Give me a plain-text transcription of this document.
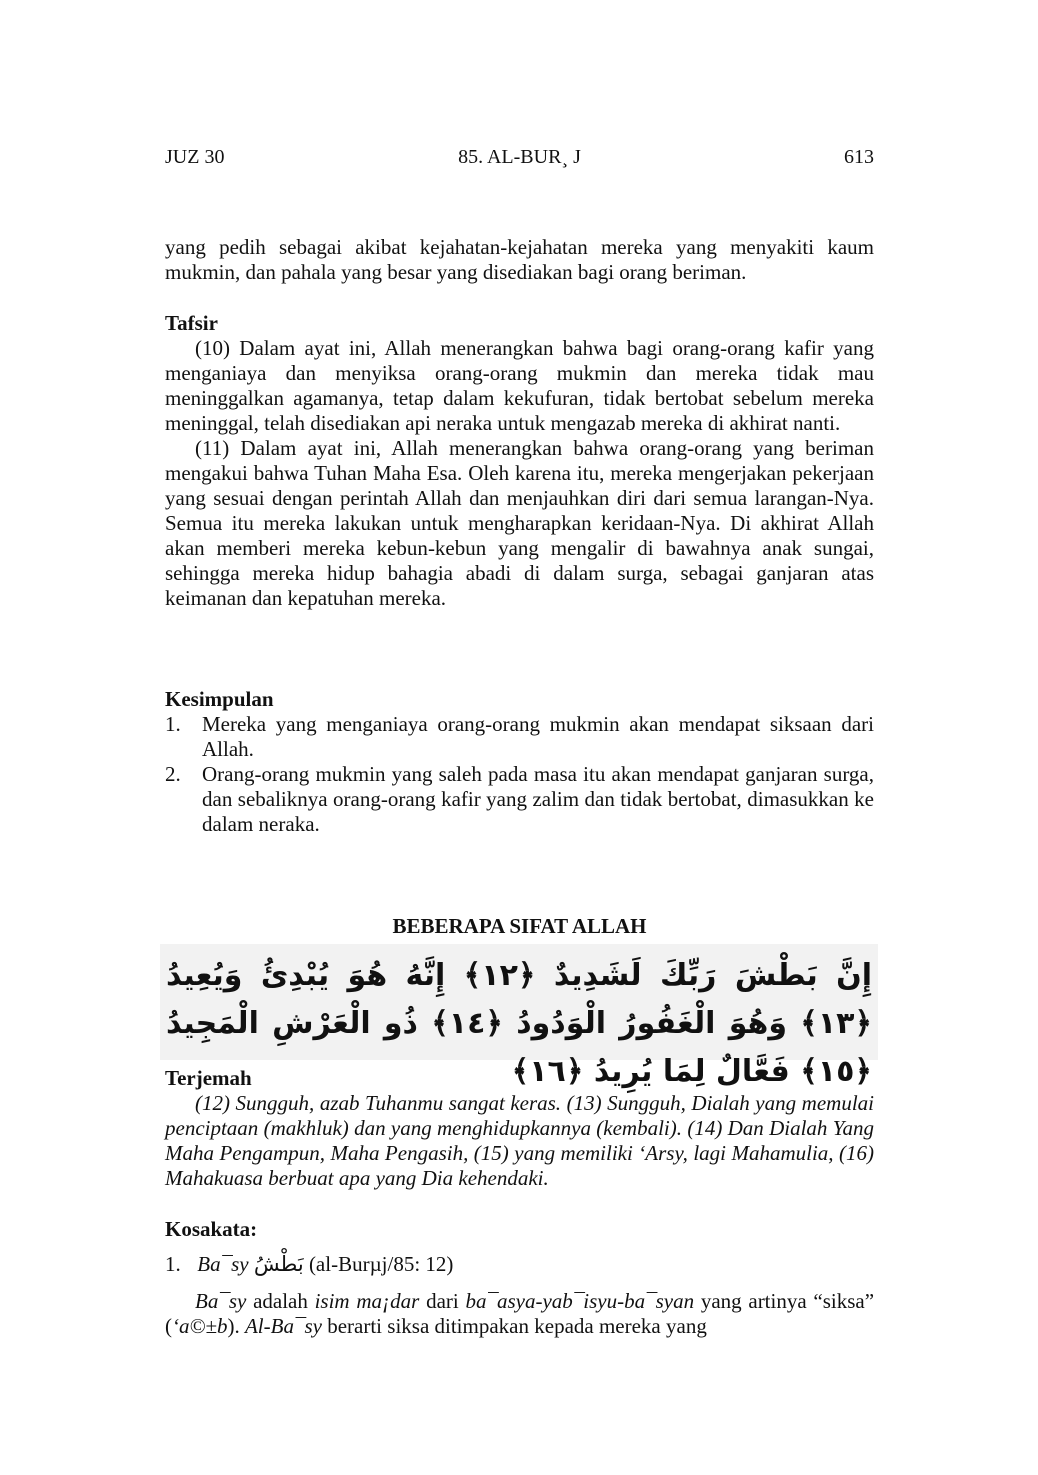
JUZ 30	85. AL-BUR¸ J	613

yang pedih sebagai akibat kejahatan-kejahatan mereka yang menyakiti kaum mukmin, dan pahala yang besar yang disediakan bagi orang beriman.

Tafsir

(10) Dalam ayat ini, Allah menerangkan bahwa bagi orang-orang kafir yang menganiaya dan menyiksa orang-orang mukmin dan mereka tidak mau meninggalkan agamanya, tetap dalam kekufuran, tidak bertobat sebelum mereka meninggal, telah disediakan api neraka untuk mengazab mereka di akhirat nanti.

(11) Dalam ayat ini, Allah menerangkan bahwa orang-orang yang beriman mengakui bahwa Tuhan Maha Esa. Oleh karena itu, mereka mengerjakan pekerjaan yang sesuai dengan perintah Allah dan menjauhkan diri dari semua larangan-Nya. Semua itu mereka lakukan untuk mengharapkan keridaan-Nya. Di akhirat Allah akan memberi mereka kebun-kebun yang mengalir di bawahnya anak sungai, sehingga mereka hidup bahagia abadi di dalam surga, sebagai ganjaran atas keimanan dan kepatuhan mereka.

Kesimpulan
1. Mereka yang menganiaya orang-orang mukmin akan mendapat siksaan dari Allah.
2. Orang-orang mukmin yang saleh pada masa itu akan mendapat ganjaran surga, dan sebaliknya orang-orang kafir yang zalim dan tidak bertobat, dimasukkan ke dalam neraka.
BEBERAPA SIFAT ALLAH
إِنَّ بَطْشَ رَبِّكَ لَشَدِيدٌ ﴿١٢﴾ إِنَّهُ هُوَ يُبْدِئُ وَيُعِيدُ ﴿١٣﴾ وَهُوَ الْغَفُورُ الْوَدُودُ ﴿١٤﴾ ذُو الْعَرْشِ الْمَجِيدُ ﴿١٥﴾ فَعَّالٌ لِمَا يُرِيدُ ﴿١٦﴾
Terjemah

(12) Sungguh, azab Tuhanmu sangat keras. (13) Sungguh, Dialah yang memulai penciptaan (makhluk) dan yang menghidupkannya (kembali). (14) Dan Dialah Yang Maha Pengampun, Maha Pengasih, (15) yang memiliki ‘Arsy, lagi Mahamulia, (16) Mahakuasa berbuat apa yang Dia kehendaki.

Kosakata:

1. Ba¯sy بَطْشُ (al-Burµj/85: 12)

Ba¯sy adalah isim ma¡dar dari ba¯asya-yab¯isyu-ba¯syan yang artinya “siksa” (‘a©±b). Al-Ba¯sy berarti siksa ditimpakan kepada mereka yang
